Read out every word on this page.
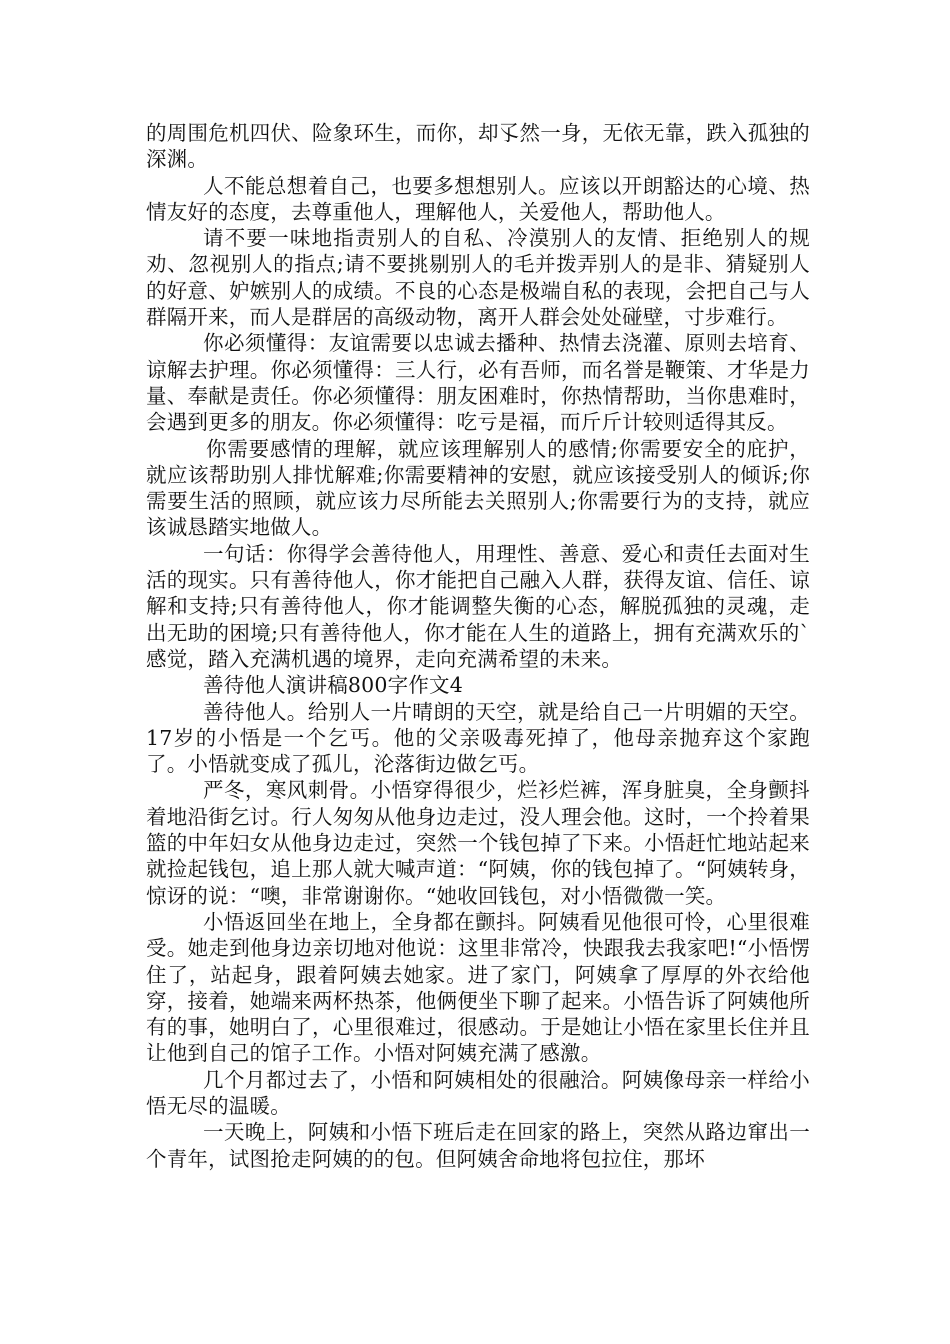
的周围危机四伏、险象环生，而你，却孓然一身，无依无靠，跌入孤独的深渊。

人不能总想着自己，也要多想想别人。应该以开朗豁达的心境、热情友好的态度，去尊重他人，理解他人，关爱他人，帮助他人。

请不要一味地指责别人的自私、冷漠别人的友情、拒绝别人的规劝、忽视别人的指点;请不要挑剔别人的毛并拨弄别人的是非、猜疑别人的好意、妒嫉别人的成绩。不良的心态是极端自私的表现，会把自己与人群隔开来，而人是群居的高级动物，离开人群会处处碰壁，寸步难行。

你必须懂得：友谊需要以忠诚去播种、热情去浇灌、原则去培育、谅解去护理。你必须懂得：三人行，必有吾师，而名誉是鞭策、才华是力量、奉献是责任。你必须懂得：朋友困难时，你热情帮助，当你患难时，会遇到更多的朋友。你必须懂得：吃亏是福，而斤斤计较则适得其反。

你需要感情的理解，就应该理解别人的感情;你需要安全的庇护，就应该帮助别人排忧解难;你需要精神的安慰，就应该接受别人的倾诉;你需要生活的照顾，就应该力尽所能去关照别人;你需要行为的支持，就应该诚恳踏实地做人。

一句话：你得学会善待他人，用理性、善意、爱心和责任去面对生活的现实。只有善待他人，你才能把自己融入人群，获得友谊、信任、谅解和支持;只有善待他人，你才能调整失衡的心态，解脱孤独的灵魂，走出无助的困境;只有善待他人，你才能在人生的道路上，拥有充满欢乐的`感觉，踏入充满机遇的境界，走向充满希望的未来。

善待他人演讲稿800字作文4

善待他人。给别人一片晴朗的天空，就是给自己一片明媚的天空。17岁的小悟是一个乞丐。他的父亲吸毒死掉了，他母亲抛弃这个家跑了。小悟就变成了孤儿，沦落街边做乞丐。

严冬，寒风刺骨。小悟穿得很少，烂衫烂裤，浑身脏臭，全身颤抖着地沿街乞讨。行人匆匆从他身边走过，没人理会他。这时，一个拎着果篮的中年妇女从他身边走过，突然一个钱包掉了下来。小悟赶忙地站起来就捡起钱包，追上那人就大喊声道：“阿姨，你的钱包掉了。“阿姨转身，惊讶的说：“噢，非常谢谢你。“她收回钱包，对小悟微微一笑。

小悟返回坐在地上，全身都在颤抖。阿姨看见他很可怜，心里很难受。她走到他身边亲切地对他说：这里非常冷，快跟我去我家吧!“小悟愣住了，站起身，跟着阿姨去她家。进了家门，阿姨拿了厚厚的外衣给他穿，接着，她端来两杯热茶，他俩便坐下聊了起来。小悟告诉了阿姨他所有的事，她明白了，心里很难过，很感动。于是她让小悟在家里长住并且让他到自己的馆子工作。小悟对阿姨充满了感激。

几个月都过去了，小悟和阿姨相处的很融洽。阿姨像母亲一样给小悟无尽的温暖。

一天晚上，阿姨和小悟下班后走在回家的路上，突然从路边窜出一个青年，试图抢走阿姨的的包。但阿姨舍命地将包拉住，那坏
